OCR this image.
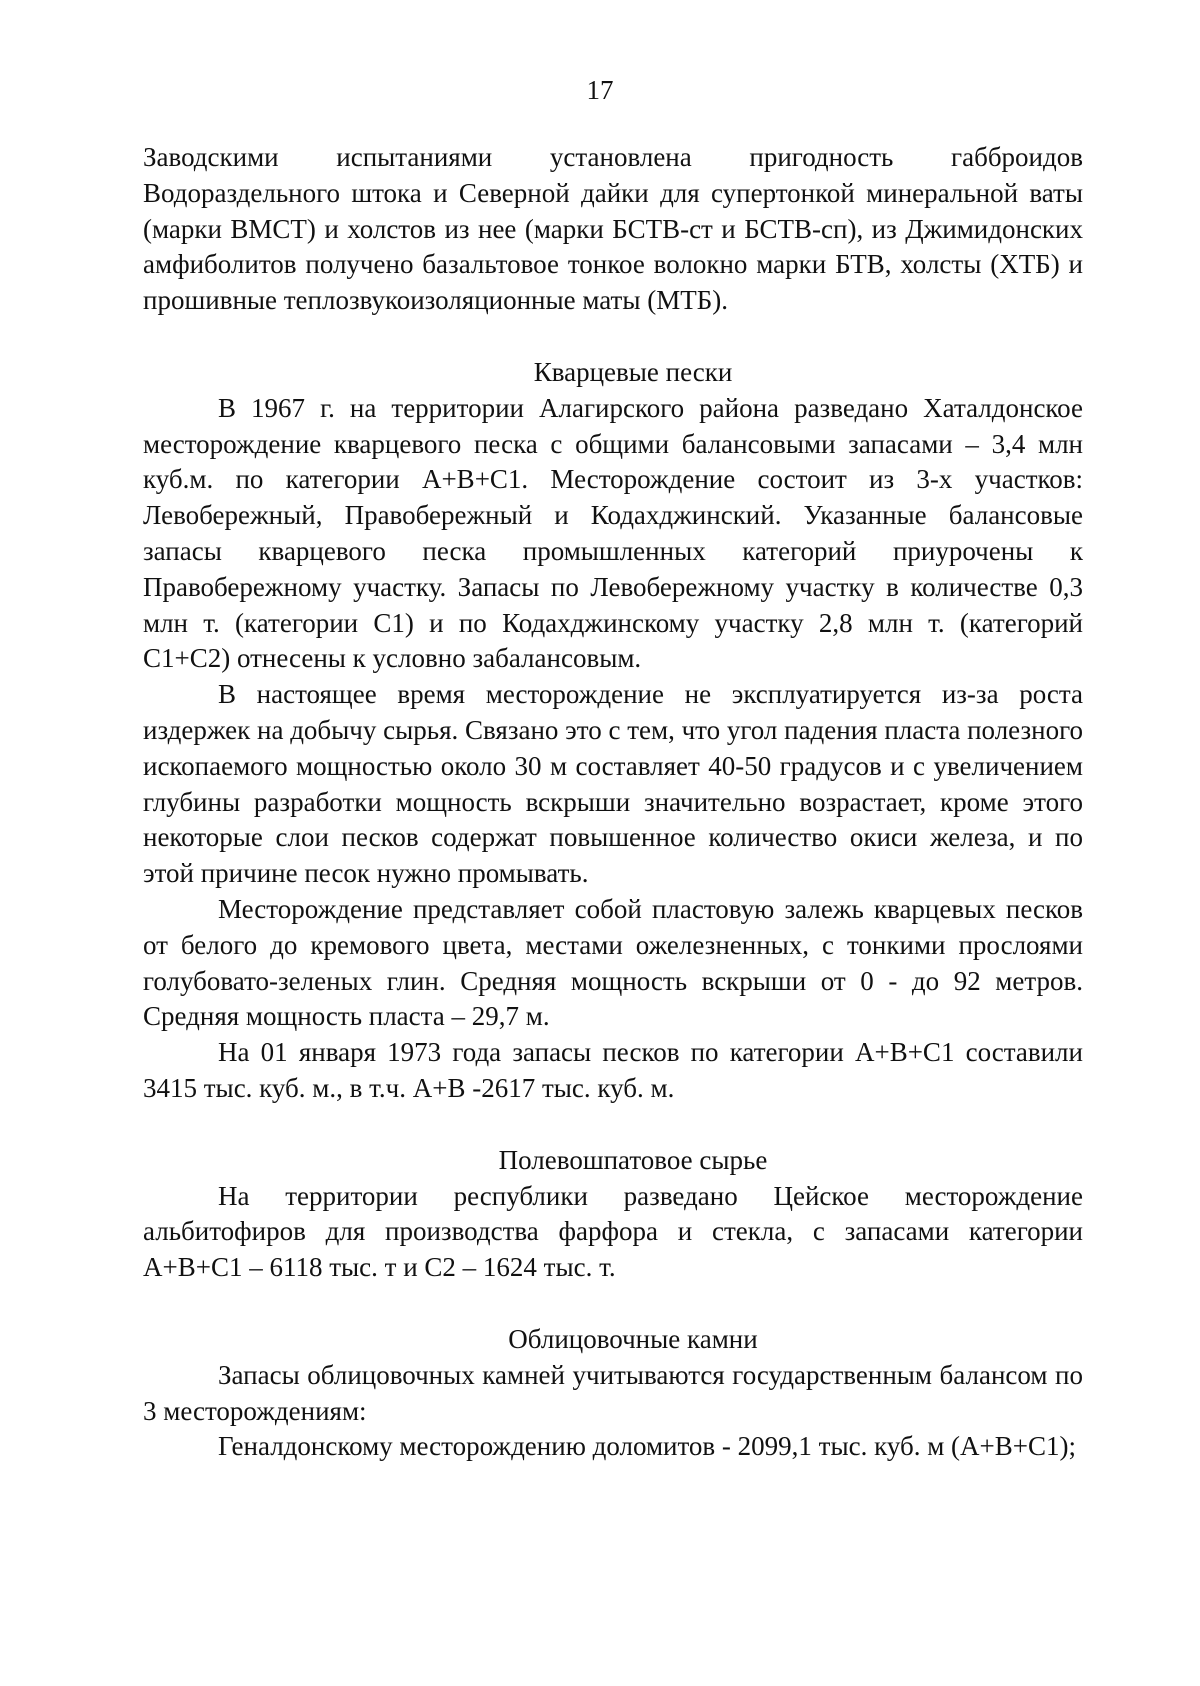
17

Заводскими испытаниями установлена пригодность габброидов Водораздельного штока и Северной дайки для супертонкой минеральной ваты (марки ВМСТ) и холстов из нее (марки БСТВ-ст и БСТВ-сп), из Джимидонских амфиболитов получено базальтовое тонкое волокно марки БТВ, холсты (ХТБ) и прошивные теплозвукоизоляционные маты (МТБ).

Кварцевые пески

В 1967 г. на территории Алагирского района разведано Хаталдонское месторождение кварцевого песка с общими балансовыми запасами – 3,4 млн куб.м. по категории А+В+С1. Месторождение состоит из 3-х участков: Левобережный, Правобережный и Кодахджинский. Указанные балансовые запасы кварцевого песка промышленных категорий приурочены к Правобережному участку. Запасы по Левобережному участку в количестве 0,3 млн т. (категории С1) и по Кодахджинскому участку 2,8 млн т. (категорий С1+С2) отнесены к условно забалансовым.

В настоящее время месторождение не эксплуатируется из-за роста издержек на добычу сырья. Связано это с тем, что угол падения пласта полезного ископаемого мощностью около 30 м составляет 40-50 градусов и с увеличением глубины разработки мощность вскрыши значительно возрастает, кроме этого некоторые слои песков содержат повышенное количество окиси железа, и по этой причине песок нужно промывать.

Месторождение представляет собой пластовую залежь кварцевых песков от белого до кремового цвета, местами ожелезненных, с тонкими прослоями голубовато-зеленых глин. Средняя мощность вскрыши от 0 - до 92 метров. Средняя мощность пласта – 29,7 м.

На 01 января 1973 года запасы песков по категории А+В+С1 составили 3415 тыс. куб. м., в т.ч. А+В -2617 тыс. куб. м.

Полевошпатовое сырье

На территории республики разведано Цейское месторождение альбитофиров для производства фарфора и стекла, с запасами категории А+В+С1 – 6118 тыс. т и С2 – 1624 тыс. т.

Облицовочные камни

Запасы облицовочных камней учитываются государственным балансом по 3 месторождениям:

Геналдонскому месторождению доломитов - 2099,1 тыс. куб. м (А+В+С1);
